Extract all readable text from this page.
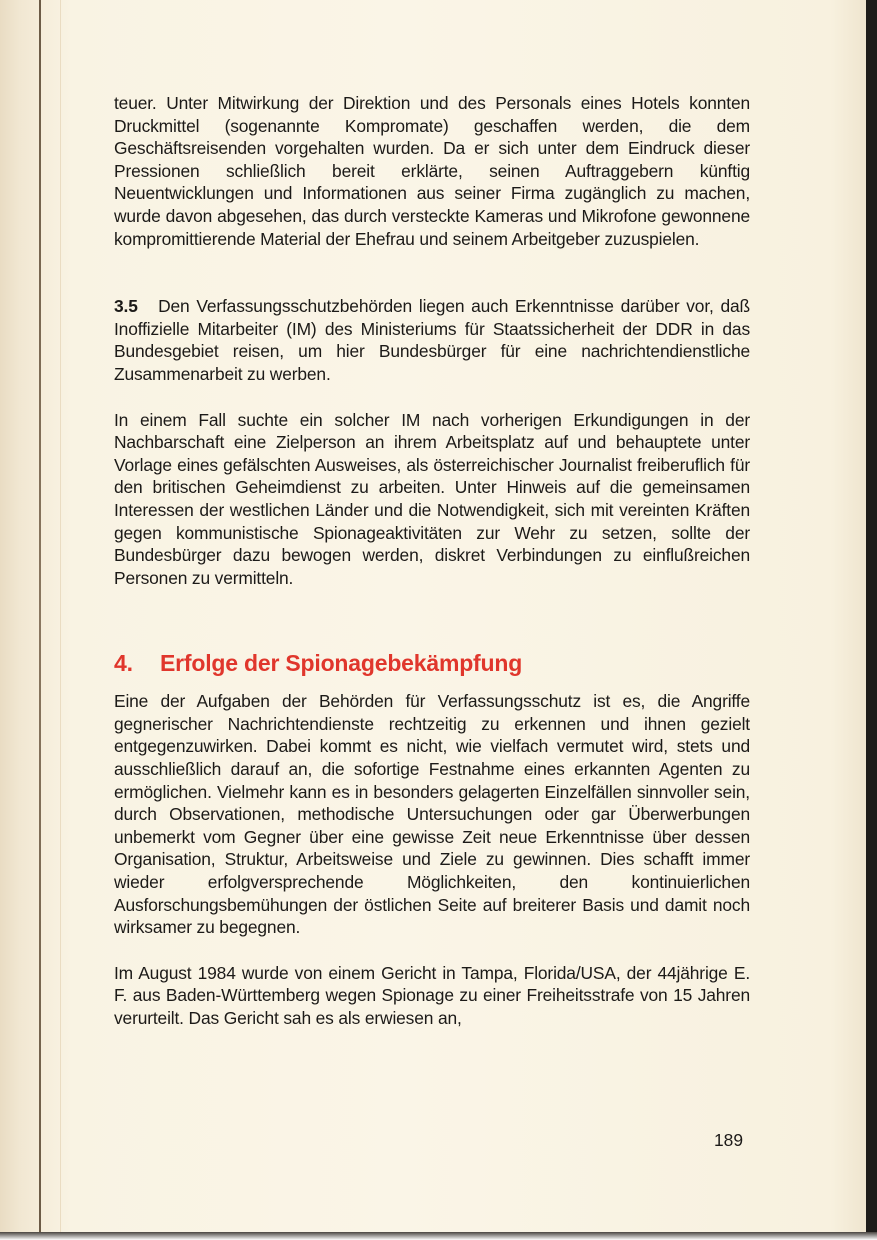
teuer. Unter Mitwirkung der Direktion und des Personals eines Hotels konnten Druckmittel (sogenannte Kompromate) geschaffen werden, die dem Geschäftsreisenden vorgehalten wurden. Da er sich unter dem Eindruck dieser Pressionen schließlich bereit erklärte, seinen Auftraggebern künftig Neuentwicklungen und Informationen aus seiner Firma zugänglich zu machen, wurde davon abgesehen, das durch versteckte Kameras und Mikrofone gewonnene kompromittierende Material der Ehefrau und seinem Arbeitgeber zuzuspielen.

3.5 Den Verfassungsschutzbehörden liegen auch Erkenntnisse darüber vor, daß Inoffizielle Mitarbeiter (IM) des Ministeriums für Staatssicherheit der DDR in das Bundesgebiet reisen, um hier Bundesbürger für eine nachrichtendienstliche Zusammenarbeit zu werben.

In einem Fall suchte ein solcher IM nach vorherigen Erkundigungen in der Nachbarschaft eine Zielperson an ihrem Arbeitsplatz auf und behauptete unter Vorlage eines gefälschten Ausweises, als österreichischer Journalist freiberuflich für den britischen Geheimdienst zu arbeiten. Unter Hinweis auf die gemeinsamen Interessen der westlichen Länder und die Notwendigkeit, sich mit vereinten Kräften gegen kommunistische Spionageaktivitäten zur Wehr zu setzen, sollte der Bundesbürger dazu bewogen werden, diskret Verbindungen zu einflußreichen Personen zu vermitteln.

4. Erfolge der Spionagebekämpfung

Eine der Aufgaben der Behörden für Verfassungsschutz ist es, die Angriffe gegnerischer Nachrichtendienste rechtzeitig zu erkennen und ihnen gezielt entgegenzuwirken. Dabei kommt es nicht, wie vielfach vermutet wird, stets und ausschließlich darauf an, die sofortige Festnahme eines erkannten Agenten zu ermöglichen. Vielmehr kann es in besonders gelagerten Einzelfällen sinnvoller sein, durch Observationen, methodische Untersuchungen oder gar Überwerbungen unbemerkt vom Gegner über eine gewisse Zeit neue Erkenntnisse über dessen Organisation, Struktur, Arbeitsweise und Ziele zu gewinnen. Dies schafft immer wieder erfolgversprechende Möglichkeiten, den kontinuierlichen Ausforschungsbemühungen der östlichen Seite auf breiterer Basis und damit noch wirksamer zu begegnen.

Im August 1984 wurde von einem Gericht in Tampa, Florida/USA, der 44jährige E. F. aus Baden-Württemberg wegen Spionage zu einer Freiheitsstrafe von 15 Jahren verurteilt. Das Gericht sah es als erwiesen an,

189
